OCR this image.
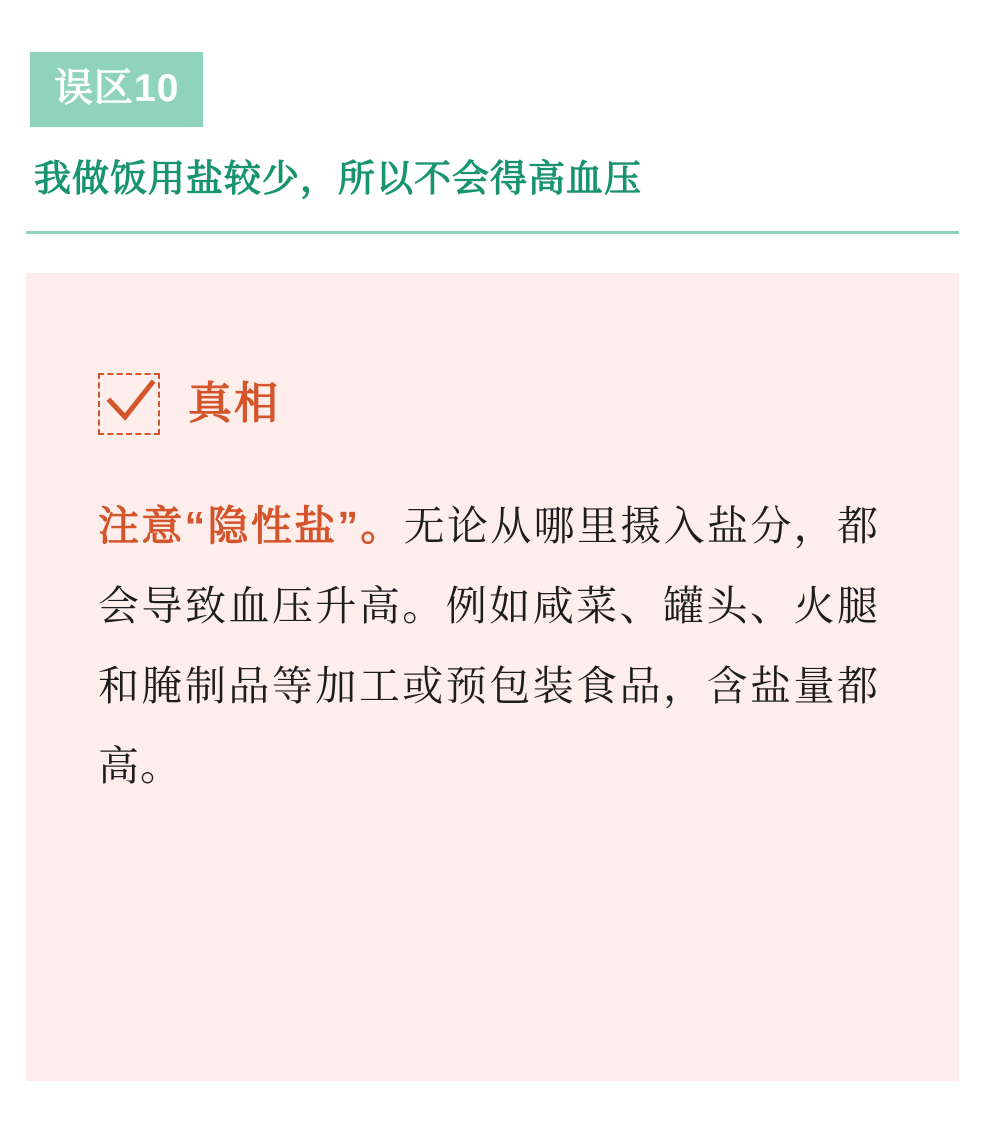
误区10
我做饭用盐较少，所以不会得高血压
真相
注意“隐性盐”。无论从哪里摄入盐分，都会导致血压升高。例如咸菜、罐头、火腿和腌制品等加工或预包装食品，含盐量都高。
